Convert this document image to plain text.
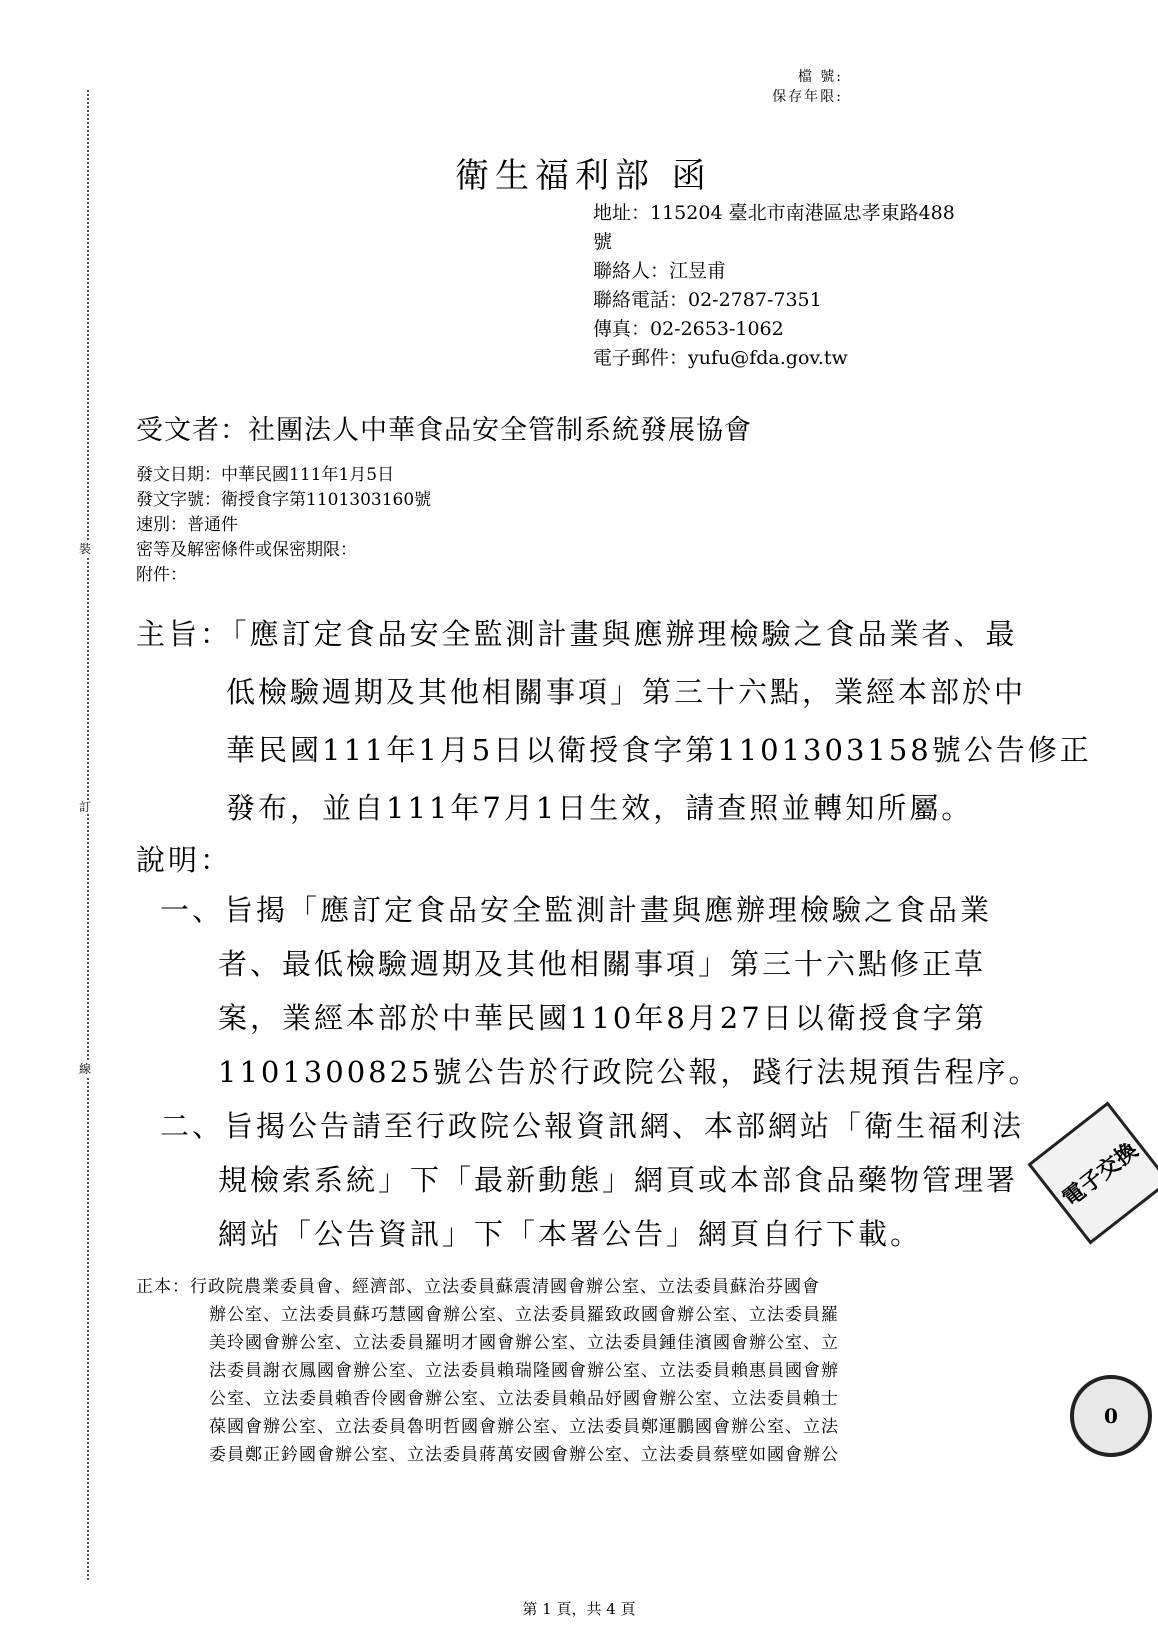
裝
訂
線
檔 號:
保存年限:
衛生福利部 函
地址：115204 臺北市南港區忠孝東路488
號
聯絡人：江昱甫
聯絡電話：02-2787-7351
傳真：02-2653-1062
電子郵件：yufu@fda.gov.tw
受文者：社團法人中華食品安全管制系統發展協會
發文日期：中華民國111年1月5日
發文字號：衛授食字第1101303160號
速別：普通件
密等及解密條件或保密期限：
附件：
主旨：「應訂定食品安全監測計畫與應辦理檢驗之食品業者、最
低檢驗週期及其他相關事項」第三十六點，業經本部於中
華民國111年1月5日以衛授食字第1101303158號公告修正
發布，並自111年7月1日生效，請查照並轉知所屬。
說明：
一、旨揭「應訂定食品安全監測計畫與應辦理檢驗之食品業
者、最低檢驗週期及其他相關事項」第三十六點修正草
案，業經本部於中華民國110年8月27日以衛授食字第
1101300825號公告於行政院公報，踐行法規預告程序。
二、旨揭公告請至行政院公報資訊網、本部網站「衛生福利法
規檢索系統」下「最新動態」網頁或本部食品藥物管理署
網站「公告資訊」下「本署公告」網頁自行下載。
電子交換
0
正本：行政院農業委員會、經濟部、立法委員蘇震清國會辦公室、立法委員蘇治芬國會
辦公室、立法委員蘇巧慧國會辦公室、立法委員羅致政國會辦公室、立法委員羅
美玲國會辦公室、立法委員羅明才國會辦公室、立法委員鍾佳濱國會辦公室、立
法委員謝衣鳳國會辦公室、立法委員賴瑞隆國會辦公室、立法委員賴惠員國會辦
公室、立法委員賴香伶國會辦公室、立法委員賴品妤國會辦公室、立法委員賴士
葆國會辦公室、立法委員魯明哲國會辦公室、立法委員鄭運鵬國會辦公室、立法
委員鄭正鈐國會辦公室、立法委員蔣萬安國會辦公室、立法委員蔡壁如國會辦公
第 1 頁，共 4 頁
